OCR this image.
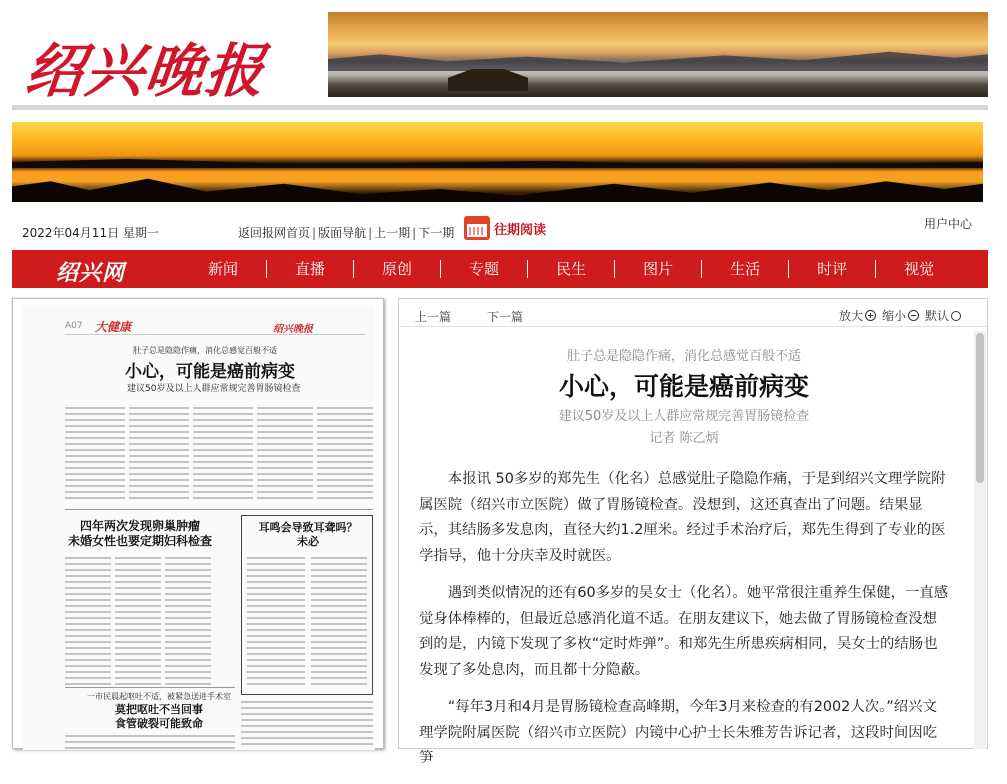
绍兴晚报
2022年04月11日 星期一	返回报网首页 | 版面导航 | 上一期 | 下一期	往期阅读	用户中心
绍兴网	新闻	直播	原创	专题	民生	图片	生活	时评	视觉
A07 大健康	绍兴晚报
肚子总是隐隐作痛，消化总感觉百般不适
小心，可能是癌前病变
建议50岁及以上人群应常规完善胃肠镜检查
四年两次发现卵巢肿瘤
未婚女性也要定期妇科检查
耳鸣会导致耳聋吗？
未必
一市民晨起呕吐不适，被紧急送进手术室
莫把呕吐不当回事
食管破裂可能致命
上一篇	下一篇	放大 缩小 默认
肚子总是隐隐作痛，消化总感觉百般不适
小心，可能是癌前病变
建议50岁及以上人群应常规完善胃肠镜检查
记者 陈乙炳

本报讯 50多岁的郑先生（化名）总感觉肚子隐隐作痛，于是到绍兴文理学院附属医院（绍兴市立医院）做了胃肠镜检查。没想到，这还真查出了问题。结果显示，其结肠多发息肉，直径大约1.2厘米。经过手术治疗后，郑先生得到了专业的医学指导，他十分庆幸及时就医。

遇到类似情况的还有60多岁的吴女士（化名）。她平常很注重养生保健，一直感觉身体棒棒的，但最近总感消化道不适。在朋友建议下，她去做了胃肠镜检查没想到的是，内镜下发现了多枚“定时炸弹”。和郑先生所患疾病相同，吴女士的结肠也发现了多处息肉，而且都十分隐蔽。

“每年3月和4月是胃肠镜检查高峰期，今年3月来检查的有2002人次。”绍兴文理学院附属医院（绍兴市立医院）内镜中心护士长朱雅芳告诉记者，这段时间因吃笋
